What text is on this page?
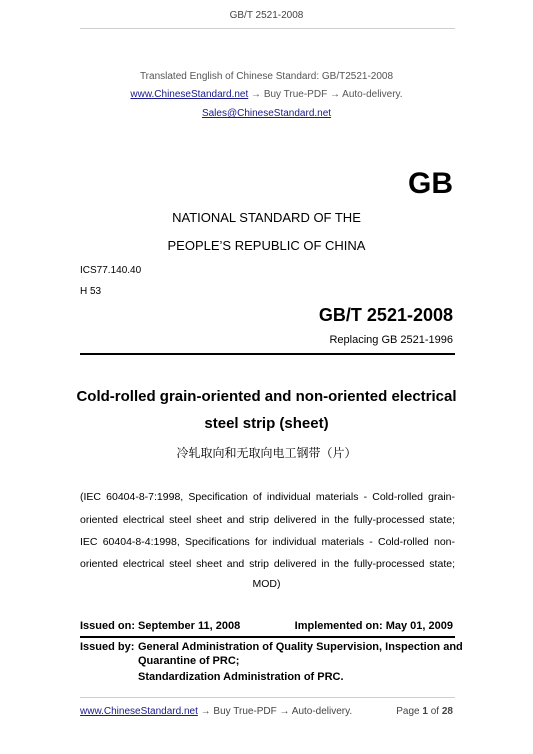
GB/T 2521-2008
Translated English of Chinese Standard: GB/T2521-2008
www.ChineseStandard.net → Buy True-PDF → Auto-delivery.
Sales@ChineseStandard.net
GB
NATIONAL STANDARD OF THE
PEOPLE’S REPUBLIC OF CHINA
ICS77.140.40
H 53
GB/T 2521-2008
Replacing GB 2521-1996
Cold-rolled grain-oriented and non-oriented electrical
steel strip (sheet)
冷轧取向和无取向电工钢带（片）
(IEC 60404-8-7:1998, Specification of individual materials - Cold-rolled grain-
oriented electrical steel sheet and strip delivered in the fully-processed state;
IEC 60404-8-4:1998, Specifications for individual materials - Cold-rolled non-
oriented electrical steel sheet and strip delivered in the fully-processed state;
MOD)
Issued on: September 11, 2008	Implemented on: May 01, 2009
Issued by: General Administration of Quality Supervision, Inspection and
Quarantine of PRC;
Standardization Administration of PRC.
www.ChineseStandard.net → Buy True-PDF → Auto-delivery.	Page 1 of 28
